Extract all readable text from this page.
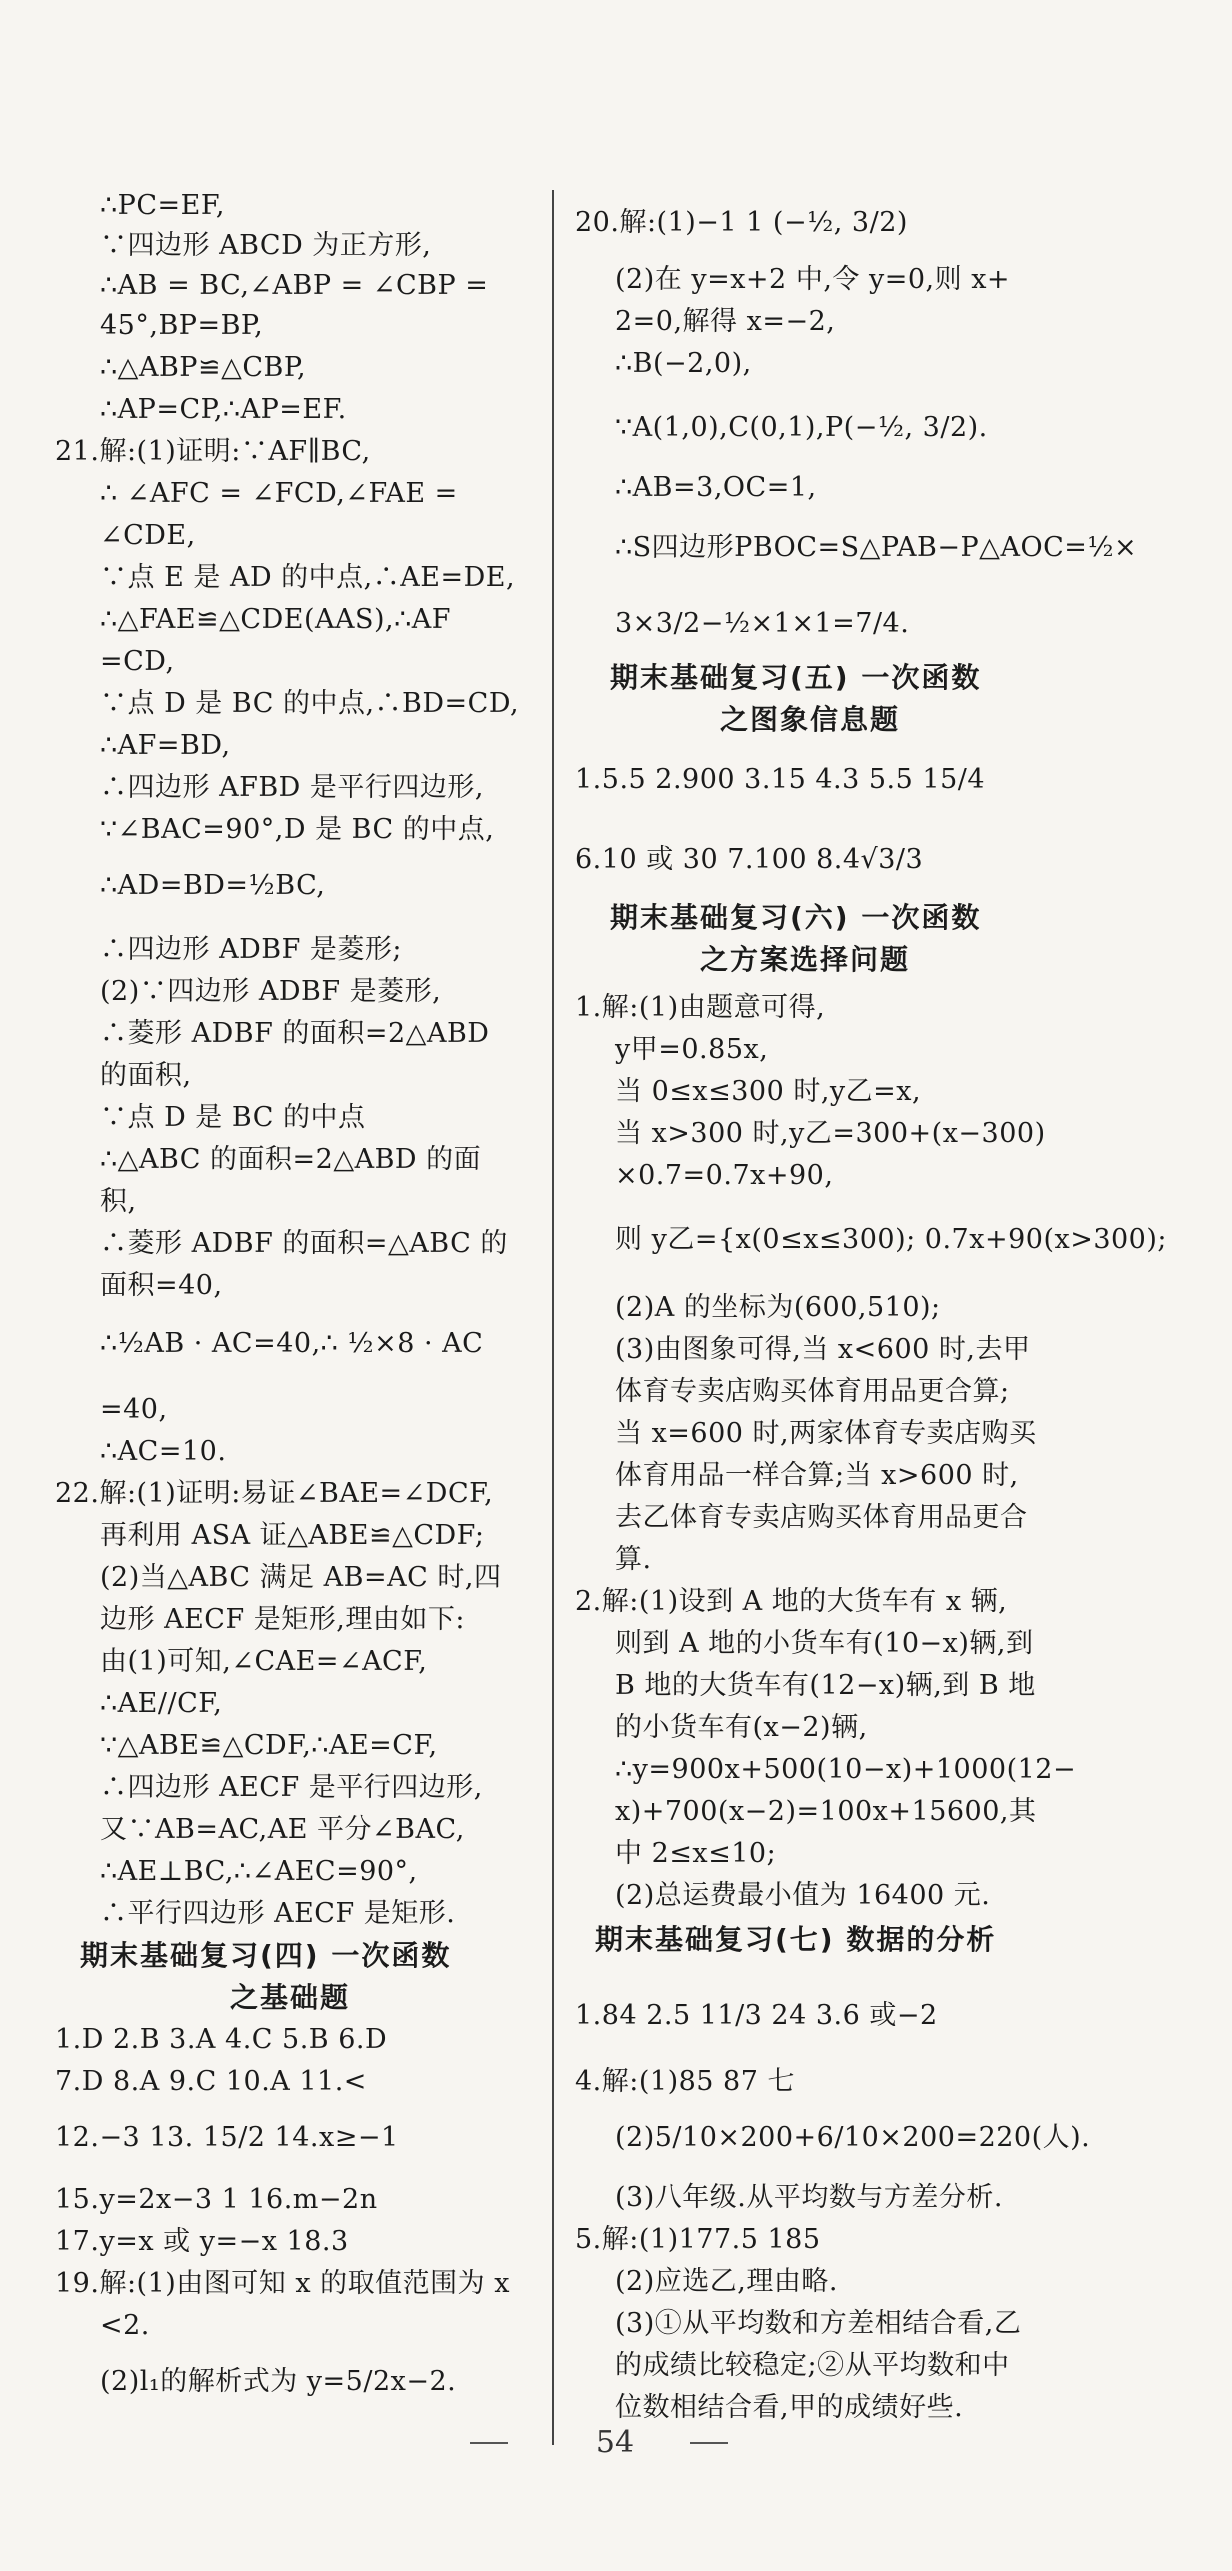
∴PC=EF,
∵四边形 ABCD 为正方形,
∴AB = BC,∠ABP = ∠CBP =
45°,BP=BP,
∴△ABP≌△CBP,
∴AP=CP,∴AP=EF.
21.解:(1)证明:∵AF∥BC,
∴ ∠AFC = ∠FCD,∠FAE =
∠CDE,
∵点 E 是 AD 的中点,∴AE=DE,
∴△FAE≌△CDE(AAS),∴AF
=CD,
∵点 D 是 BC 的中点,∴BD=CD,
∴AF=BD,
∴四边形 AFBD 是平行四边形,
∵∠BAC=90°,D 是 BC 的中点,
∴AD=BD=½BC,
∴四边形 ADBF 是菱形;
(2)∵四边形 ADBF 是菱形,
∴菱形 ADBF 的面积=2△ABD
的面积,
∵点 D 是 BC 的中点
∴△ABC 的面积=2△ABD 的面
积,
∴菱形 ADBF 的面积=△ABC 的
面积=40,
∴½AB · AC=40,∴ ½×8 · AC
=40,
∴AC=10.
22.解:(1)证明:易证∠BAE=∠DCF,
再利用 ASA 证△ABE≌△CDF;
(2)当△ABC 满足 AB=AC 时,四
边形 AECF 是矩形,理由如下:
由(1)可知,∠CAE=∠ACF,
∴AE//CF,
∵△ABE≌△CDF,∴AE=CF,
∴四边形 AECF 是平行四边形,
又∵AB=AC,AE 平分∠BAC,
∴AE⊥BC,∴∠AEC=90°,
∴平行四边形 AECF 是矩形.
1.D 2.B 3.A 4.C 5.B 6.D
7.D 8.A 9.C 10.A 11.<
12.−3 13. 15/2 14.x≥−1
15.y=2x−3 1 16.m−2n
17.y=x 或 y=−x 18.3
19.解:(1)由图可知 x 的取值范围为 x
<2.
(2)l₁的解析式为 y=5/2x−2.
期末基础复习(四) 一次函数
之基础题
20.解:(1)−1 1 (−½, 3/2)
(2)在 y=x+2 中,令 y=0,则 x+
2=0,解得 x=−2,
∴B(−2,0),
∵A(1,0),C(0,1),P(−½, 3/2).
∴AB=3,OC=1,
∴S四边形PBOC=S△PAB−P△AOC=½×
3×3/2−½×1×1=7/4.
1.5.5 2.900 3.15 4.3 5.5 15/4
6.10 或 30 7.100 8.4√3/3
1.解:(1)由题意可得,
y甲=0.85x,
当 0≤x≤300 时,y乙=x,
当 x>300 时,y乙=300+(x−300)
×0.7=0.7x+90,
则 y乙={x(0≤x≤300); 0.7x+90(x>300);
(2)A 的坐标为(600,510);
(3)由图象可得,当 x<600 时,去甲
体育专卖店购买体育用品更合算;
当 x=600 时,两家体育专卖店购买
体育用品一样合算;当 x>600 时,
去乙体育专卖店购买体育用品更合
算.
2.解:(1)设到 A 地的大货车有 x 辆,
则到 A 地的小货车有(10−x)辆,到
B 地的大货车有(12−x)辆,到 B 地
的小货车有(x−2)辆,
∴y=900x+500(10−x)+1000(12−
x)+700(x−2)=100x+15600,其
中 2≤x≤10;
(2)总运费最小值为 16400 元.
1.84 2.5 11/3 24 3.6 或−2
4.解:(1)85 87 七
(2)5/10×200+6/10×200=220(人).
(3)八年级.从平均数与方差分析.
5.解:(1)177.5 185
(2)应选乙,理由略.
(3)①从平均数和方差相结合看,乙
的成绩比较稳定;②从平均数和中
位数相结合看,甲的成绩好些.
期末基础复习(五) 一次函数
之图象信息题
期末基础复习(六) 一次函数
之方案选择问题
期末基础复习(七) 数据的分析
54
